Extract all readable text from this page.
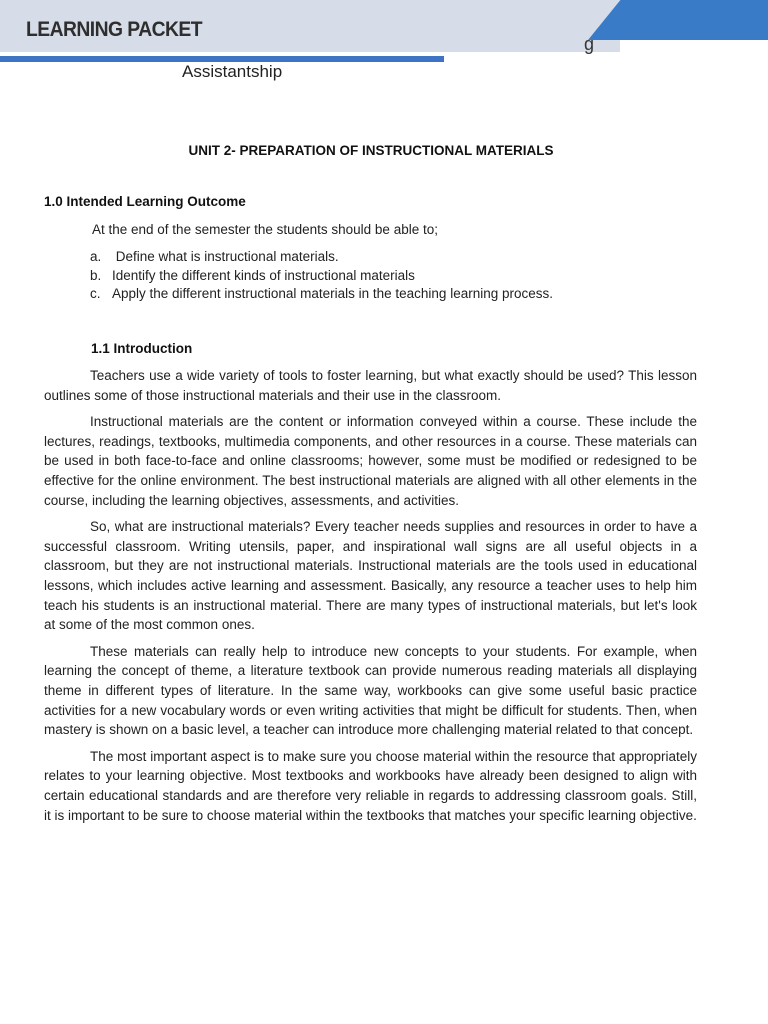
LEARNING PACKET
g
Assistantship
UNIT 2- PREPARATION OF INSTRUCTIONAL MATERIALS
1.0 Intended Learning Outcome
At the end of the semester the students should be able to;
a. Define what is instructional materials.
b. Identify the different kinds of instructional materials
c. Apply the different instructional materials in the teaching learning process.
1.1 Introduction

Teachers use a wide variety of tools to foster learning, but what exactly should be used? This lesson outlines some of those instructional materials and their use in the classroom.

Instructional materials are the content or information conveyed within a course. These include the lectures, readings, textbooks, multimedia components, and other resources in a course. These materials can be used in both face-to-face and online classrooms; however, some must be modified or redesigned to be effective for the online environment. The best instructional materials are aligned with all other elements in the course, including the learning objectives, assessments, and activities.

So, what are instructional materials? Every teacher needs supplies and resources in order to have a successful classroom. Writing utensils, paper, and inspirational wall signs are all useful objects in a classroom, but they are not instructional materials. Instructional materials are the tools used in educational lessons, which includes active learning and assessment. Basically, any resource a teacher uses to help him teach his students is an instructional material. There are many types of instructional materials, but let's look at some of the most common ones.

These materials can really help to introduce new concepts to your students. For example, when learning the concept of theme, a literature textbook can provide numerous reading materials all displaying theme in different types of literature. In the same way, workbooks can give some useful basic practice activities for a new vocabulary words or even writing activities that might be difficult for students. Then, when mastery is shown on a basic level, a teacher can introduce more challenging material related to that concept.

The most important aspect is to make sure you choose material within the resource that appropriately relates to your learning objective. Most textbooks and workbooks have already been designed to align with certain educational standards and are therefore very reliable in regards to addressing classroom goals. Still, it is important to be sure to choose material within the textbooks that matches your specific learning objective.
